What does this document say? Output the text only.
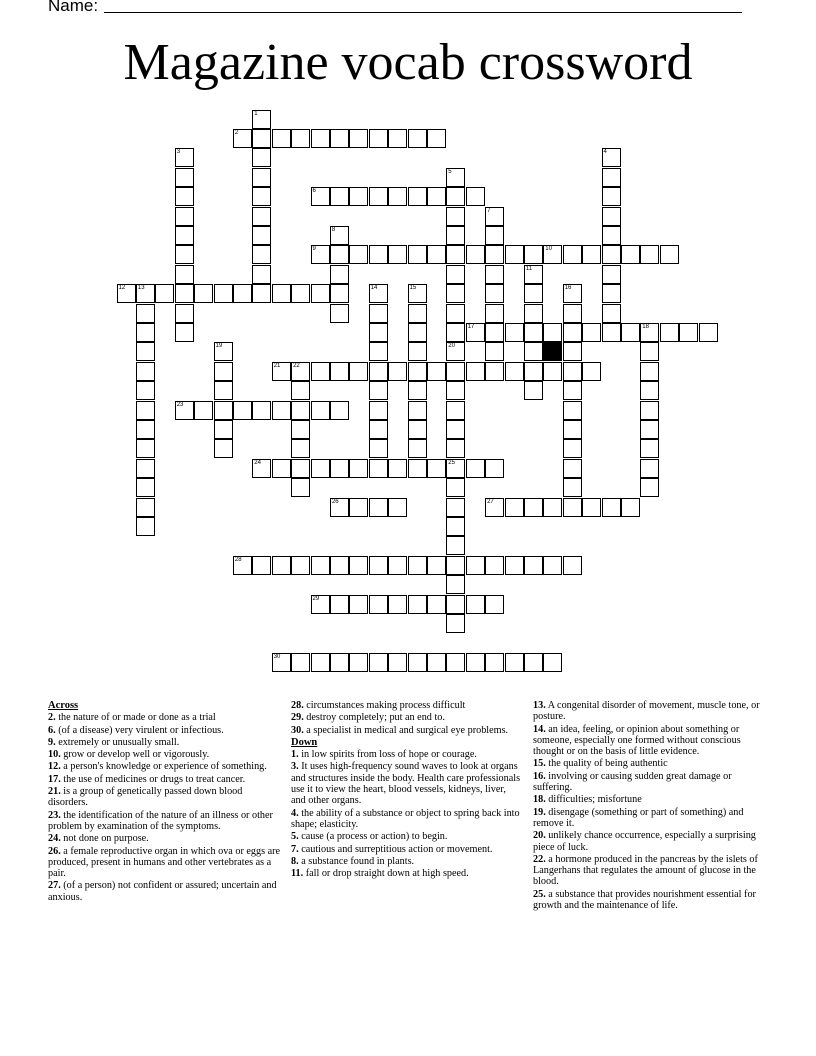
Name:
Magazine vocab crossword
2
6
9	10
12 13
17	18
21 22
23
24	25
26	27
28
29
30
1
3	4
5
20
7
8
11
14	15	16
19

Across

2. the nature of or made or done as a trial

6. (of a disease) very virulent or infectious.

9. extremely or unusually small.

10. grow or develop well or vigorously.

12. a person's knowledge or experience of something.

17. the use of medicines or drugs to treat cancer.

21. is a group of genetically passed down blood disorders.

23. the identification of the nature of an illness or other problem by examination of the symptoms.

24. not done on purpose.

26. a female reproductive organ in which ova or eggs are produced, present in humans and other vertebrates as a pair.

27. (of a person) not confident or assured; uncertain and anxious.

28. circumstances making process difficult

29. destroy completely; put an end to.

30. a specialist in medical and surgical eye problems.

Down

1. in low spirits from loss of hope or courage.

3. It uses high-frequency sound waves to look at organs and structures inside the body. Health care professionals use it to view the heart, blood vessels, kidneys, liver, and other organs.

4. the ability of a substance or object to spring back into shape; elasticity.

5. cause (a process or action) to begin.

7. cautious and surreptitious action or movement.

8. a substance found in plants.

11. fall or drop straight down at high speed.

13. A congenital disorder of movement, muscle tone, or posture.

14. an idea, feeling, or opinion about something or someone, especially one formed without conscious thought or on the basis of little evidence.

15. the quality of being authentic

16. involving or causing sudden great damage or suffering.

18. difficulties; misfortune

19. disengage (something or part of something) and remove it.

20. unlikely chance occurrence, especially a surprising piece of luck.

22. a hormone produced in the pancreas by the islets of Langerhans that regulates the amount of glucose in the blood.

25. a substance that provides nourishment essential for growth and the maintenance of life.
